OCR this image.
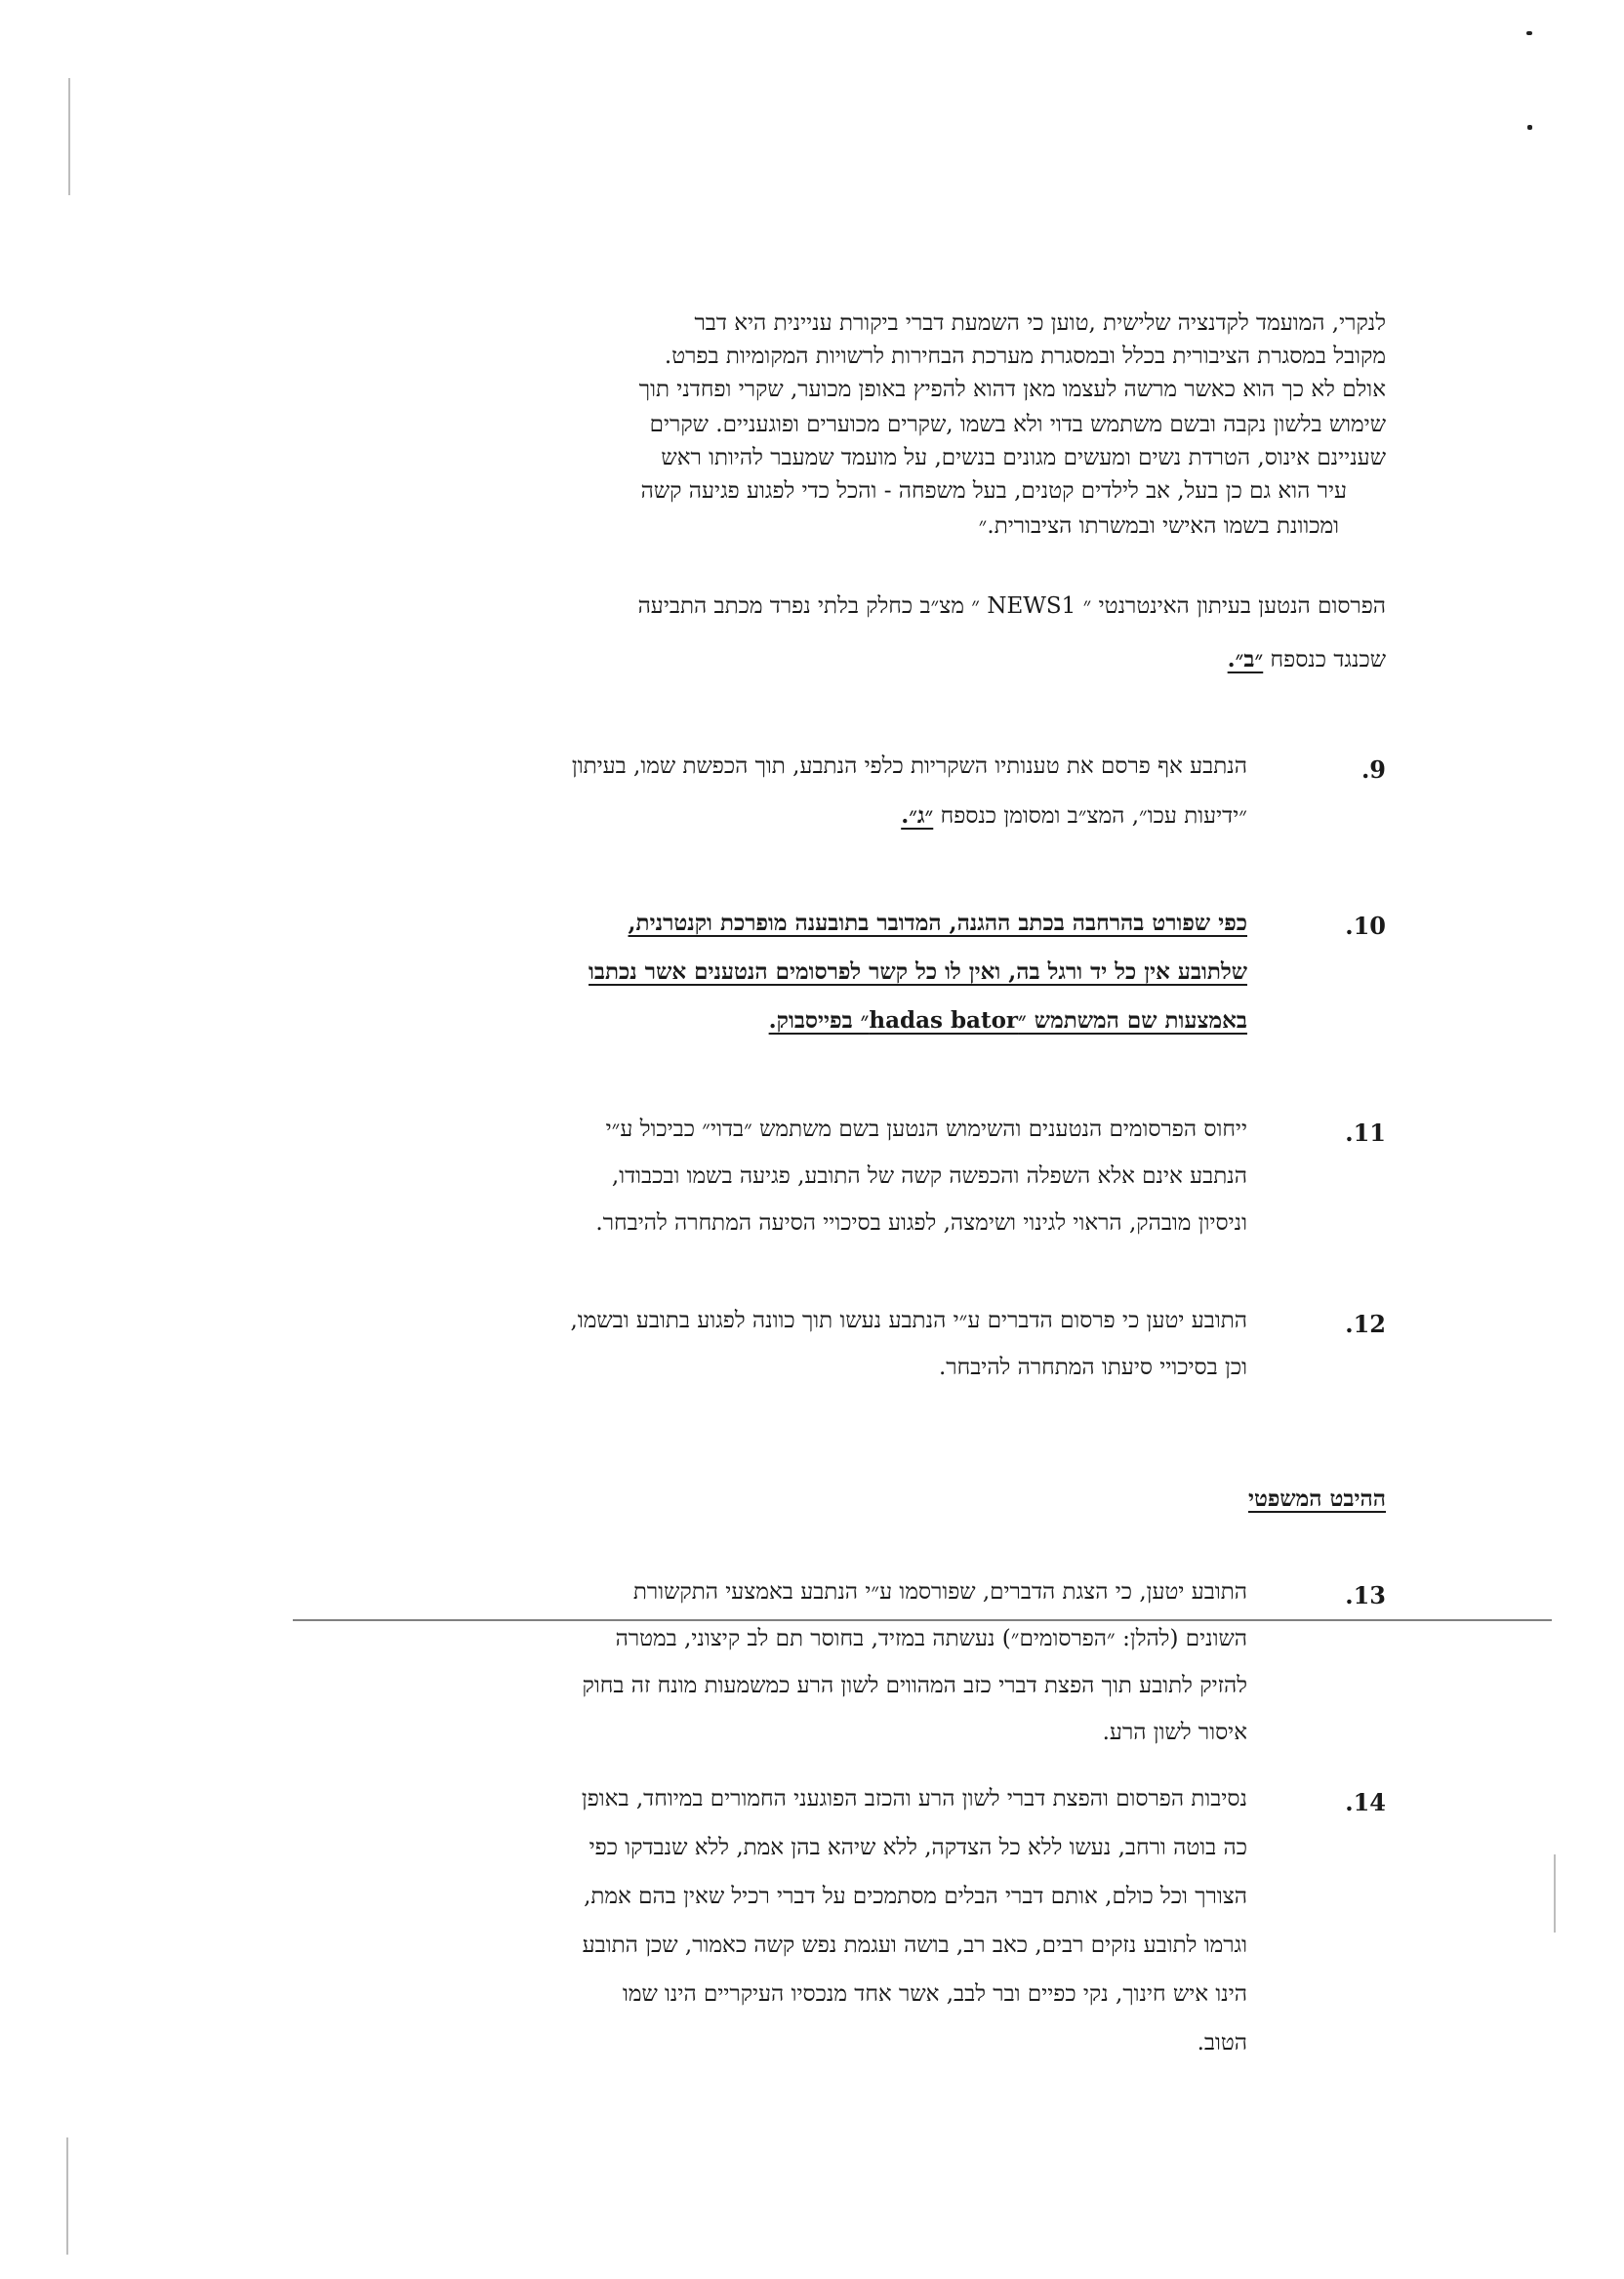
לנקרי, המועמד לקדנציה שלישית ,טוען כי השמעת דברי ביקורת עניינית היא דבר
מקובל במסגרת הציבורית בכלל ובמסגרת מערכת הבחירות לרשויות המקומיות בפרט.
אולם לא כך הוא כאשר מרשה לעצמו מאן דהוא להפיץ באופן מכוער, שקרי ופחדני תוך
שימוש בלשון נקבה ובשם משתמש בדוי ולא בשמו ,שקרים מכוערים ופוגעניים. שקרים
שעניינם אינוס, הטרדת נשים ומעשים מגונים בנשים, על מועמד שמעבר להיותו ראש
עיר הוא גם כן בעל, אב לילדים קטנים, בעל משפחה - והכל כדי לפגוע פגיעה קשה
ומכוונת בשמו האישי ובמשרתו הציבורית.״
הפרסום הנטען בעיתון האינטרנטי ״ NEWS1 ״ מצ״ב כחלק בלתי נפרד מכתב התביעה
שכנגד כנספח ״ב״.
.9
הנתבע אף פרסם את טענותיו השקריות כלפי הנתבע, תוך הכפשת שמו, בעיתון
״ידיעות עכו״, המצ״ב ומסומן כנספח ״ג״.
.10
כפי שפורט בהרחבה בכתב ההגנה, המדובר בתובענה מופרכת וקנטרנית,
שלתובע אין כל יד ורגל בה, ואין לו כל קשר לפרסומים הנטענים אשר נכתבו
באמצעות שם המשתמש ״hadas bator״ בפייסבוק.
.11
ייחוס הפרסומים הנטענים והשימוש הנטען בשם משתמש ״בדוי״ כביכול ע״י
הנתבע אינם אלא השפלה והכפשה קשה של התובע, פגיעה בשמו ובכבודו,
וניסיון מובהק, הראוי לגינוי ושימצה, לפגוע בסיכויי הסיעה המתחרה להיבחר.
.12
התובע יטען כי פרסום הדברים ע״י הנתבע נעשו תוך כוונה לפגוע בתובע ובשמו,
וכן בסיכויי סיעתו המתחרה להיבחר.
ההיבט המשפטי
.13
התובע יטען, כי הצגת הדברים, שפורסמו ע״י הנתבע באמצעי התקשורת
השונים (להלן: ״הפרסומים״) נעשתה במזיד, בחוסר תם לב קיצוני, במטרה
להזיק לתובע תוך הפצת דברי כזב המהווים לשון הרע כמשמעות מונח זה בחוק
איסור לשון הרע.
.14
נסיבות הפרסום והפצת דברי לשון הרע והכזב הפוגעני החמורים במיוחד, באופן
כה בוטה ורחב, נעשו ללא כל הצדקה, ללא שיהא בהן אמת, ללא שנבדקו כפי
הצורך וכל כולם, אותם דברי הבלים מסתמכים על דברי רכיל שאין בהם אמת,
וגרמו לתובע נזקים רבים, כאב רב, בושה ועגמת נפש קשה כאמור, שכן התובע
הינו איש חינוך, נקי כפיים ובר לבב, אשר אחד מנכסיו העיקריים הינו שמו
הטוב.
